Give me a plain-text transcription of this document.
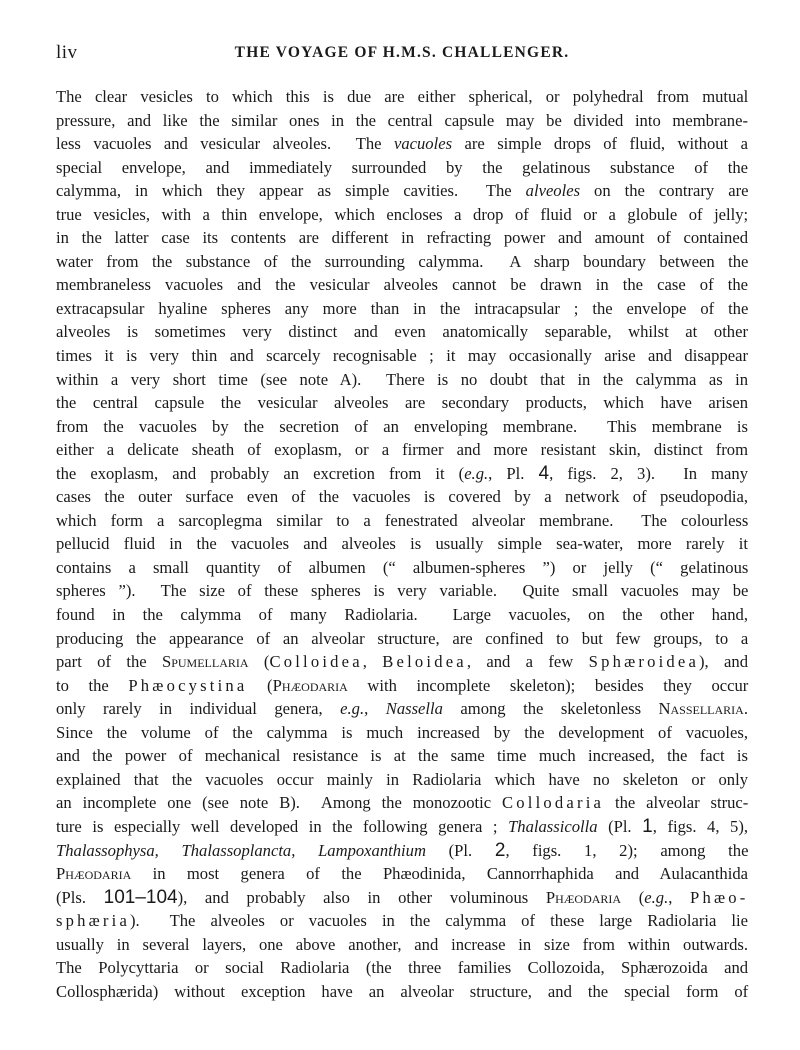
liv	THE VOYAGE OF H.M.S. CHALLENGER.
The clear vesicles to which this is due are either spherical, or polyhedral from mutual
pressure, and like the similar ones in the central capsule may be divided into membrane-
less vacuoles and vesicular alveoles.  The vacuoles are simple drops of fluid, without a
special envelope, and immediately surrounded by the gelatinous substance of the
calymma, in which they appear as simple cavities.  The alveoles on the contrary are
true vesicles, with a thin envelope, which encloses a drop of fluid or a globule of jelly;
in the latter case its contents are different in refracting power and amount of contained
water from the substance of the surrounding calymma.  A sharp boundary between the
membraneless vacuoles and the vesicular alveoles cannot be drawn in the case of the
extracapsular hyaline spheres any more than in the intracapsular ; the envelope of the
alveoles is sometimes very distinct and even anatomically separable, whilst at other
times it is very thin and scarcely recognisable ; it may occasionally arise and disappear
within a very short time (see note A).  There is no doubt that in the calymma as in
the central capsule the vesicular alveoles are secondary products, which have arisen
from the vacuoles by the secretion of an enveloping membrane.  This membrane is
either a delicate sheath of exoplasm, or a firmer and more resistant skin, distinct from
the exoplasm, and probably an excretion from it (e.g., Pl. 4, figs. 2, 3).  In many
cases the outer surface even of the vacuoles is covered by a network of pseudopodia,
which form a sarcoplegma similar to a fenestrated alveolar membrane.  The colourless
pellucid fluid in the vacuoles and alveoles is usually simple sea-water, more rarely it
contains a small quantity of albumen (“ albumen-spheres ”) or jelly (“ gelatinous
spheres ”).  The size of these spheres is very variable.  Quite small vacuoles may be
found in the calymma of many Radiolaria.  Large vacuoles, on the other hand,
producing the appearance of an alveolar structure, are confined to but few groups, to a
part of the Spumellaria (Colloidea, Beloidea, and a few Sphæroidea), and
to the Phæocystina (Phæodaria with incomplete skeleton); besides they occur
only rarely in individual genera, e.g., Nassella among the skeletonless Nassellaria.
Since the volume of the calymma is much increased by the development of vacuoles,
and the power of mechanical resistance is at the same time much increased, the fact is
explained that the vacuoles occur mainly in Radiolaria which have no skeleton or only
an incomplete one (see note B).  Among the monozootic Collodaria the alveolar struc-
ture is especially well developed in the following genera ; Thalassicolla (Pl. 1, figs. 4, 5),
Thalassophysa, Thalassoplancta, Lampoxanthium (Pl. 2, figs. 1, 2); among the
Phæodaria in most genera of the Phæodinida, Cannorrhaphida and Aulacanthida
(Pls. 101–104), and probably also in other voluminous Phæodaria (e.g., Phæo-
sphæria).  The alveoles or vacuoles in the calymma of these large Radiolaria lie
usually in several layers, one above another, and increase in size from within outwards.
The Polycyttaria or social Radiolaria (the three families Collozoida, Sphærozoida and
Collosphærida) without exception have an alveolar structure, and the special form of
